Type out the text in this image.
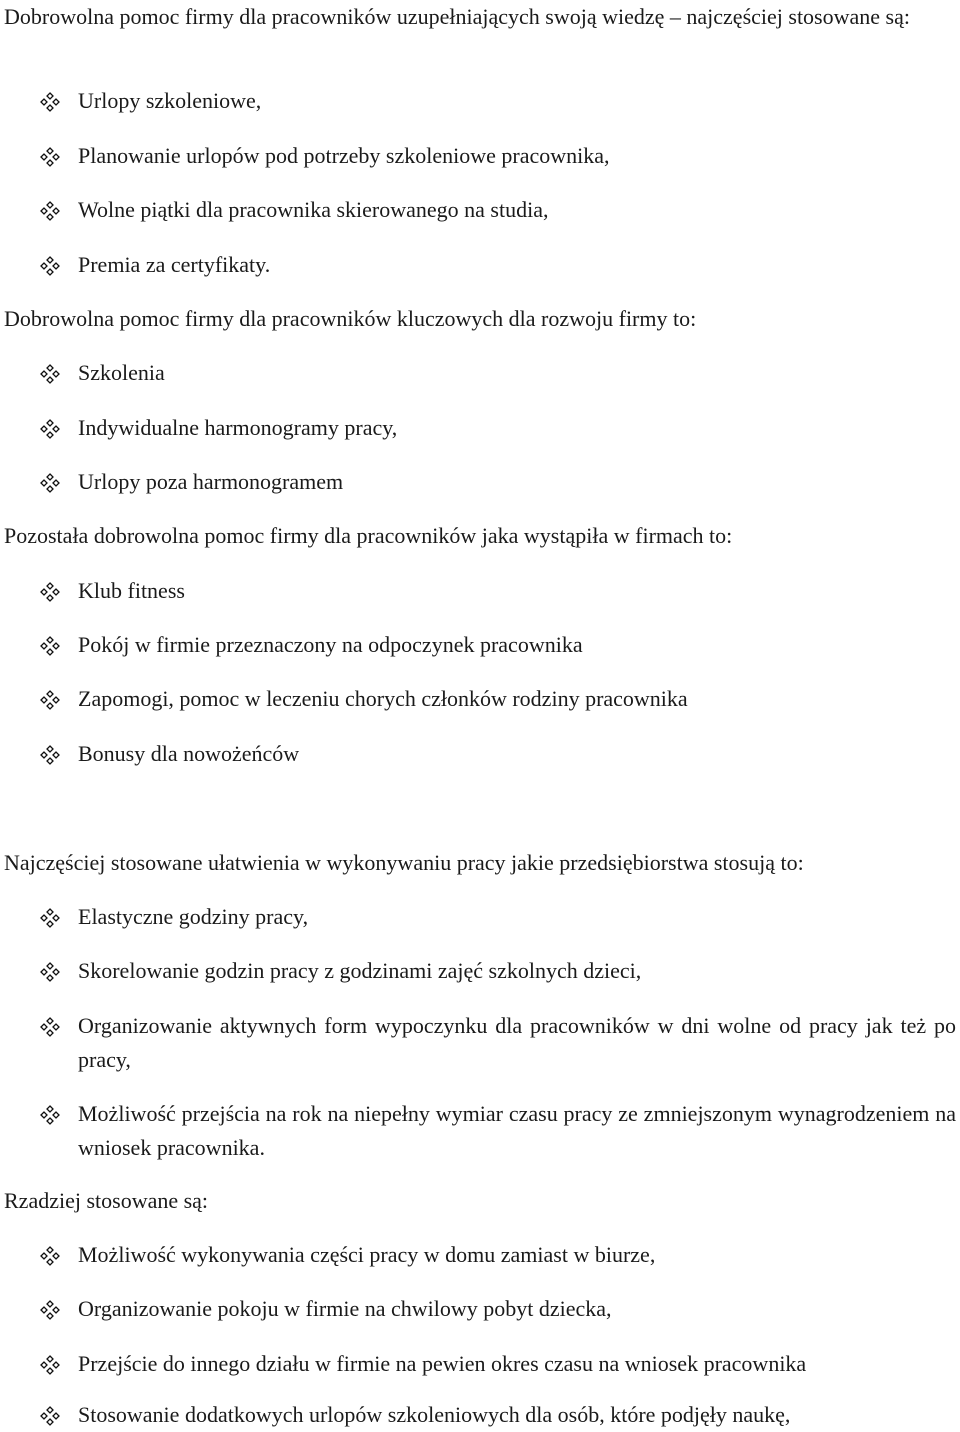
Dobrowolna pomoc firmy dla pracowników uzupełniających swoją wiedzę – najczęściej stosowane są:

Urlopy szkoleniowe,
Planowanie urlopów pod potrzeby szkoleniowe pracownika,
Wolne piątki dla pracownika skierowanego na studia,
Premia za certyfikaty.

Dobrowolna pomoc firmy dla pracowników kluczowych dla rozwoju firmy to:

Szkolenia
Indywidualne harmonogramy pracy,
Urlopy poza harmonogramem

Pozostała dobrowolna pomoc firmy dla pracowników jaka wystąpiła w firmach to:

Klub fitness
Pokój w firmie przeznaczony na odpoczynek pracownika
Zapomogi, pomoc w leczeniu chorych członków rodziny pracownika
Bonusy dla nowożeńców

Najczęściej stosowane ułatwienia w wykonywaniu pracy jakie przedsiębiorstwa stosują to:

Elastyczne godziny pracy,
Skorelowanie godzin pracy z godzinami zajęć szkolnych dzieci,
Organizowanie aktywnych form wypoczynku dla pracowników w dni wolne od pracy jak też po pracy,
Możliwość przejścia na rok na niepełny wymiar czasu pracy ze zmniejszonym wynagrodzeniem na wniosek pracownika.

Rzadziej stosowane są:

Możliwość wykonywania części pracy w domu zamiast w biurze,
Organizowanie pokoju w firmie na chwilowy pobyt dziecka,
Przejście do innego działu w firmie na pewien okres czasu na wniosek pracownika
Stosowanie dodatkowych urlopów szkoleniowych dla osób, które podjęły naukę,
